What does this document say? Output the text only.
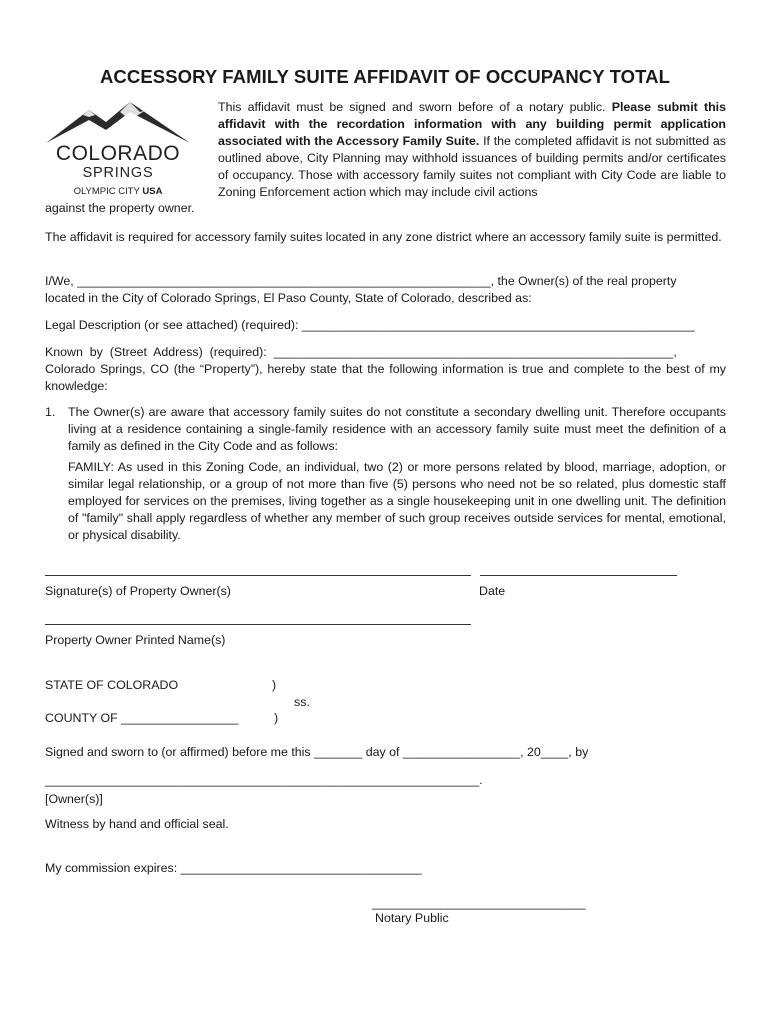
ACCESSORY FAMILY SUITE AFFIDAVIT OF OCCUPANCY TOTAL
COLORADO
SPRINGS
OLYMPIC CITY USA
This affidavit must be signed and sworn before of a notary public. Please submit this affidavit with the recordation information with any building permit application associated with the Accessory Family Suite. If the completed affidavit is not submitted as outlined above, City Planning may withhold issuances of building permits and/or certificates of occupancy. Those with accessory family suites not compliant with City Code are liable to Zoning Enforcement action which may include civil actions
against the property owner.
The affidavit is required for accessory family suites located in any zone district where an accessory family suite is permitted.
I/We, ____________________________________________________________, the Owner(s) of the real property
located in the City of Colorado Springs, El Paso County, State of Colorado, described as:
Legal Description (or see attached) (required): _________________________________________________________
Known  by  (Street  Address)  (required):  __________________________________________________________,
Colorado Springs, CO (the “Property”), hereby state that the following information is true and complete to the best of my knowledge:
1. The Owner(s) are aware that accessory family suites do not constitute a secondary dwelling unit. Therefore occupants living at a residence containing a single-family residence with an accessory family suite must meet the definition of a family as defined in the City Code and as follows:
FAMILY: As used in this Zoning Code, an individual, two (2) or more persons related by blood, marriage, adoption, or similar legal relationship, or a group of not more than five (5) persons who need not be so related, plus domestic staff employed for services on the premises, living together as a single housekeeping unit in one dwelling unit. The definition of "family" shall apply regardless of whether any member of such group receives outside services for mental, emotional, or physical disability.
Signature(s) of Property Owner(s)	Date
Property Owner Printed Name(s)
STATE OF COLORADO	)
ss.
COUNTY OF _________________	)
Signed and sworn to (or affirmed) before me this _______ day of _________________, 20____, by
_______________________________________________________________.
[Owner(s)]
Witness by hand and official seal.
My commission expires: ___________________________________
_______________________________
Notary Public
